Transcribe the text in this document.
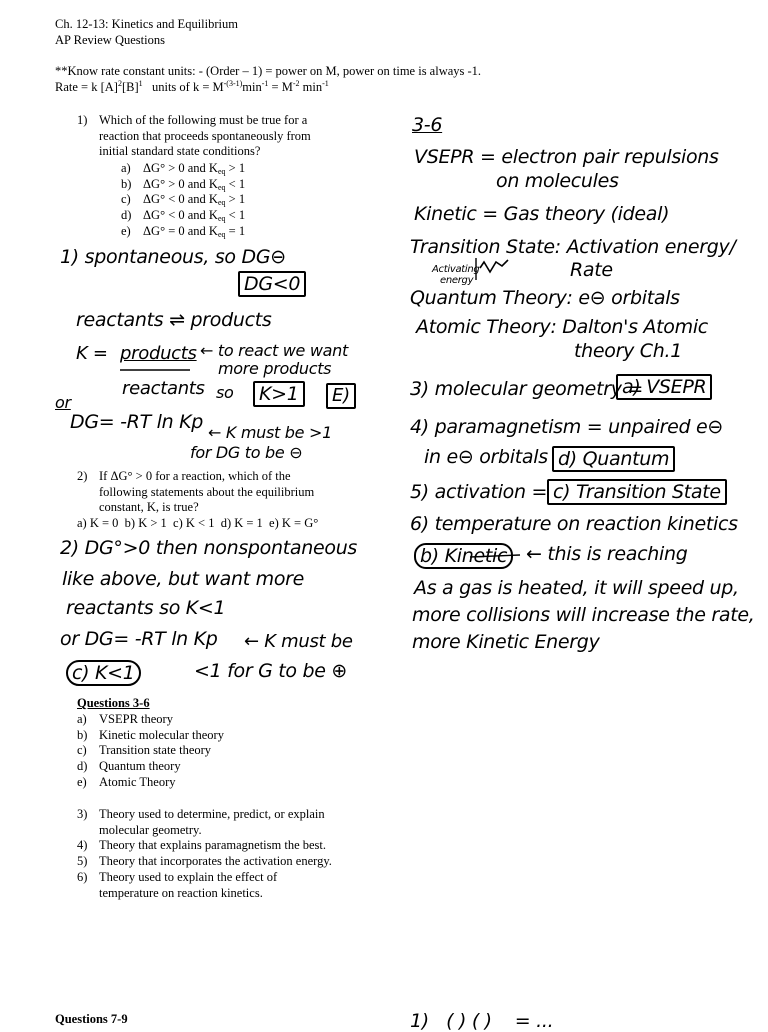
Ch. 12-13: Kinetics and Equilibrium
AP Review Questions
**Know rate constant units: - (Order – 1) = power on M, power on time is always -1.
Rate = k $[A]^2[B]^1$   units of $k = M^{-(3-1)}\min^{-1} = M^{-2}$ $\min^{-1}$
1) Which of the following must be true for a
reaction that proceeds spontaneously from
initial standard state conditions?
a) ΔG° > 0 and $K_{eq} > 1$
b) ΔG° > 0 and $K_{eq} < 1$
c) ΔG° < 0 and $K_{eq} > 1$
d) ΔG° < 0 and $K_{eq} < 1$
e) ΔG° = 0 and $K_{eq} = 1$
1) spontaneous, so DG⊖
DG<0
reactants ⇌ products
K = products ← to react we want
more products
reactants so	K>1	E)
or
DG= -RT ln Kp ← K must be >1
for DG to be ⊖
2) If ΔG° > 0 for a reaction, which of the
following statements about the equilibrium
constant, K, is true?
a) K = 0  b) K > 1  c) K < 1  d) K = 1  e) K = G°
2) DG°>0 then nonspontaneous
like above, but want more
reactants so K<1
or DG= -RT ln Kp ← K must be
c) K<1	<1 for G to be ⊕
Questions 3-6
a) VSEPR theory
b) Kinetic molecular theory
c) Transition state theory
d) Quantum theory
e) Atomic Theory
3) Theory used to determine, predict, or explain
molecular geometry.
4) Theory that explains paramagnetism the best.
5) Theory that incorporates the activation energy.
6) Theory used to explain the effect of
temperature on reaction kinetics.
Questions 7-9
3-6
VSEPR = electron pair repulsions
on molecules
Kinetic = Gas theory (ideal)
Transition State: Activation energy/
Activating
energy	Rate
Quantum Theory: e⊖ orbitals
Atomic Theory: Dalton's Atomic
theory Ch.1
3) molecular geometry =
a) VSEPR
4) paramagnetism = unpaired e⊖
in e⊖ orbitals d) Quantum
5) activation = c) Transition State
6) temperature on reaction kinetics
b) Kinetic ← this is reaching
As a gas is heated, it will speed up,
more collisions will increase the rate,
more Kinetic Energy
1)   ( ) ( )    = ...
